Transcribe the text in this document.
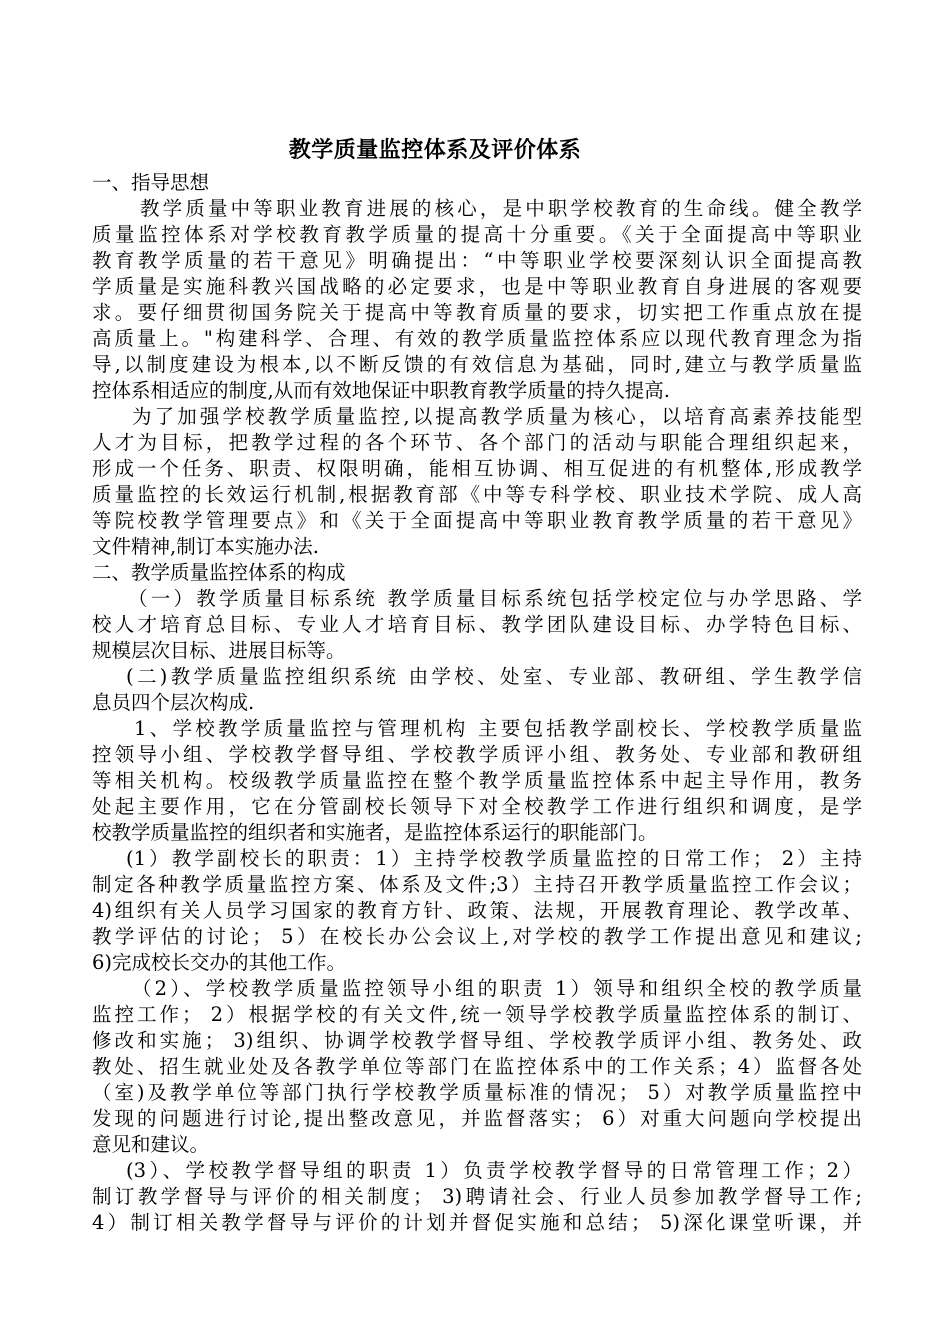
教学质量监控体系及评价体系
一、指导思想
教学质量中等职业教育进展的核心，是中职学校教育的生命线。健全教学
质量监控体系对学校教育教学质量的提高十分重要。《关于全面提高中等职业
教育教学质量的若干意见》明确提出：“中等职业学校要深刻认识全面提高教
学质量是实施科教兴国战略的必定要求，也是中等职业教育自身进展的客观要
求。要仔细贯彻国务院关于提高中等教育质量的要求，切实把工作重点放在提
高质量上。"构建科学、合理、有效的教学质量监控体系应以现代教育理念为指
导,以制度建设为根本,以不断反馈的有效信息为基础，同时,建立与教学质量监
控体系相适应的制度,从而有效地保证中职教育教学质量的持久提高.
为了加强学校教学质量监控,以提高教学质量为核心，以培育高素养技能型
人才为目标，把教学过程的各个环节、各个部门的活动与职能合理组织起来，
形成一个任务、职责、权限明确，能相互协调、相互促进的有机整体,形成教学
质量监控的长效运行机制,根据教育部《中等专科学校、职业技术学院、成人高
等院校教学管理要点》和《关于全面提高中等职业教育教学质量的若干意见》
文件精神,制订本实施办法.
二、教学质量监控体系的构成
（一）教学质量目标系统 教学质量目标系统包括学校定位与办学思路、学
校人才培育总目标、专业人才培育目标、教学团队建设目标、办学特色目标、
规模层次目标、进展目标等。
(二)教学质量监控组织系统 由学校、处室、专业部、教研组、学生教学信
息员四个层次构成.
1、学校教学质量监控与管理机构 主要包括教学副校长、学校教学质量监
控领导小组、学校教学督导组、学校教学质评小组、教务处、专业部和教研组
等相关机构。校级教学质量监控在整个教学质量监控体系中起主导作用，教务
处起主要作用，它在分管副校长领导下对全校教学工作进行组织和调度，是学
校教学质量监控的组织者和实施者，是监控体系运行的职能部门。
(1）教学副校长的职责：1）主持学校教学质量监控的日常工作； 2）主持
制定各种教学质量监控方案、体系及文件;3）主持召开教学质量监控工作会议；
4)组织有关人员学习国家的教育方针、政策、法规，开展教育理论、教学改革、
教学评估的讨论； 5）在校长办公会议上,对学校的教学工作提出意见和建议;
6)完成校长交办的其他工作。
（2）、学校教学质量监控领导小组的职责 1）领导和组织全校的教学质量
监控工作； 2）根据学校的有关文件,统一领导学校教学质量监控体系的制订、
修改和实施； 3)组织、协调学校教学督导组、学校教学质评小组、教务处、政
教处、招生就业处及各教学单位等部门在监控体系中的工作关系；4）监督各处
（室)及教学单位等部门执行学校教学质量标准的情况； 5）对教学质量监控中
发现的问题进行讨论,提出整改意见，并监督落实； 6）对重大问题向学校提出
意见和建议。
(3）、学校教学督导组的职责 1）负责学校教学督导的日常管理工作；2）
制订教学督导与评价的相关制度； 3)聘请社会、行业人员参加教学督导工作;
4）制订相关教学督导与评价的计划并督促实施和总结； 5)深化课堂听课，并
